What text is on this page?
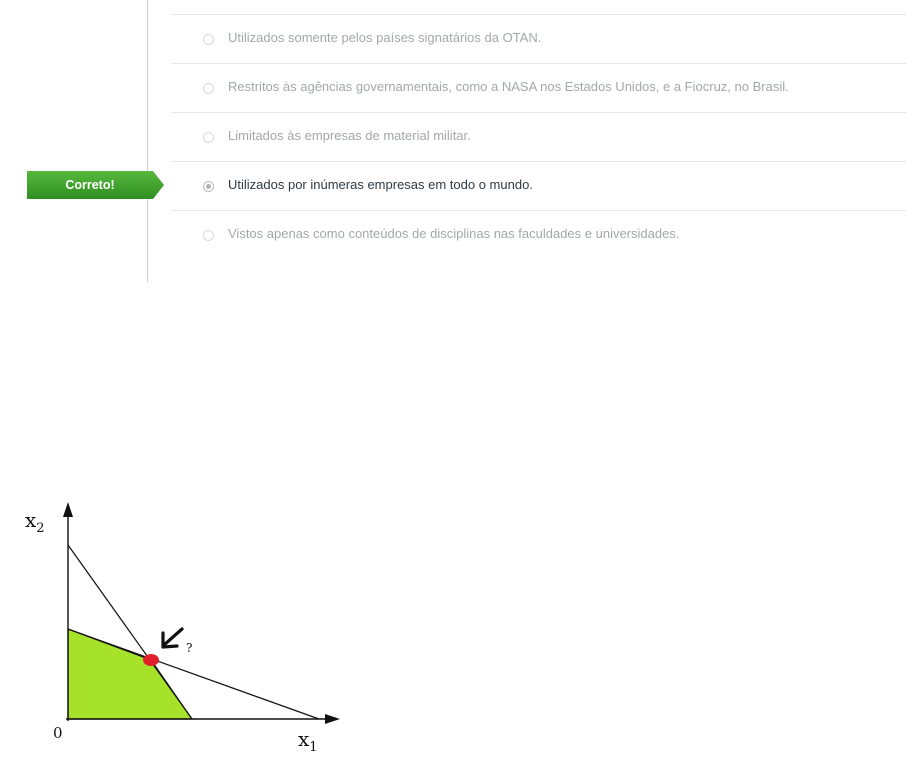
Correto!
Utilizados somente pelos países signatários da OTAN.
Restritos às agências governamentais, como a NASA nos Estados Unidos, e a Fiocruz, no Brasil.
Limitados às empresas de material militar.
Utilizados por inúmeras empresas em todo o mundo.
Vistos apenas como conteúdos de disciplinas nas faculdades e universidades.
$x_2$
$x_1$
0
?
